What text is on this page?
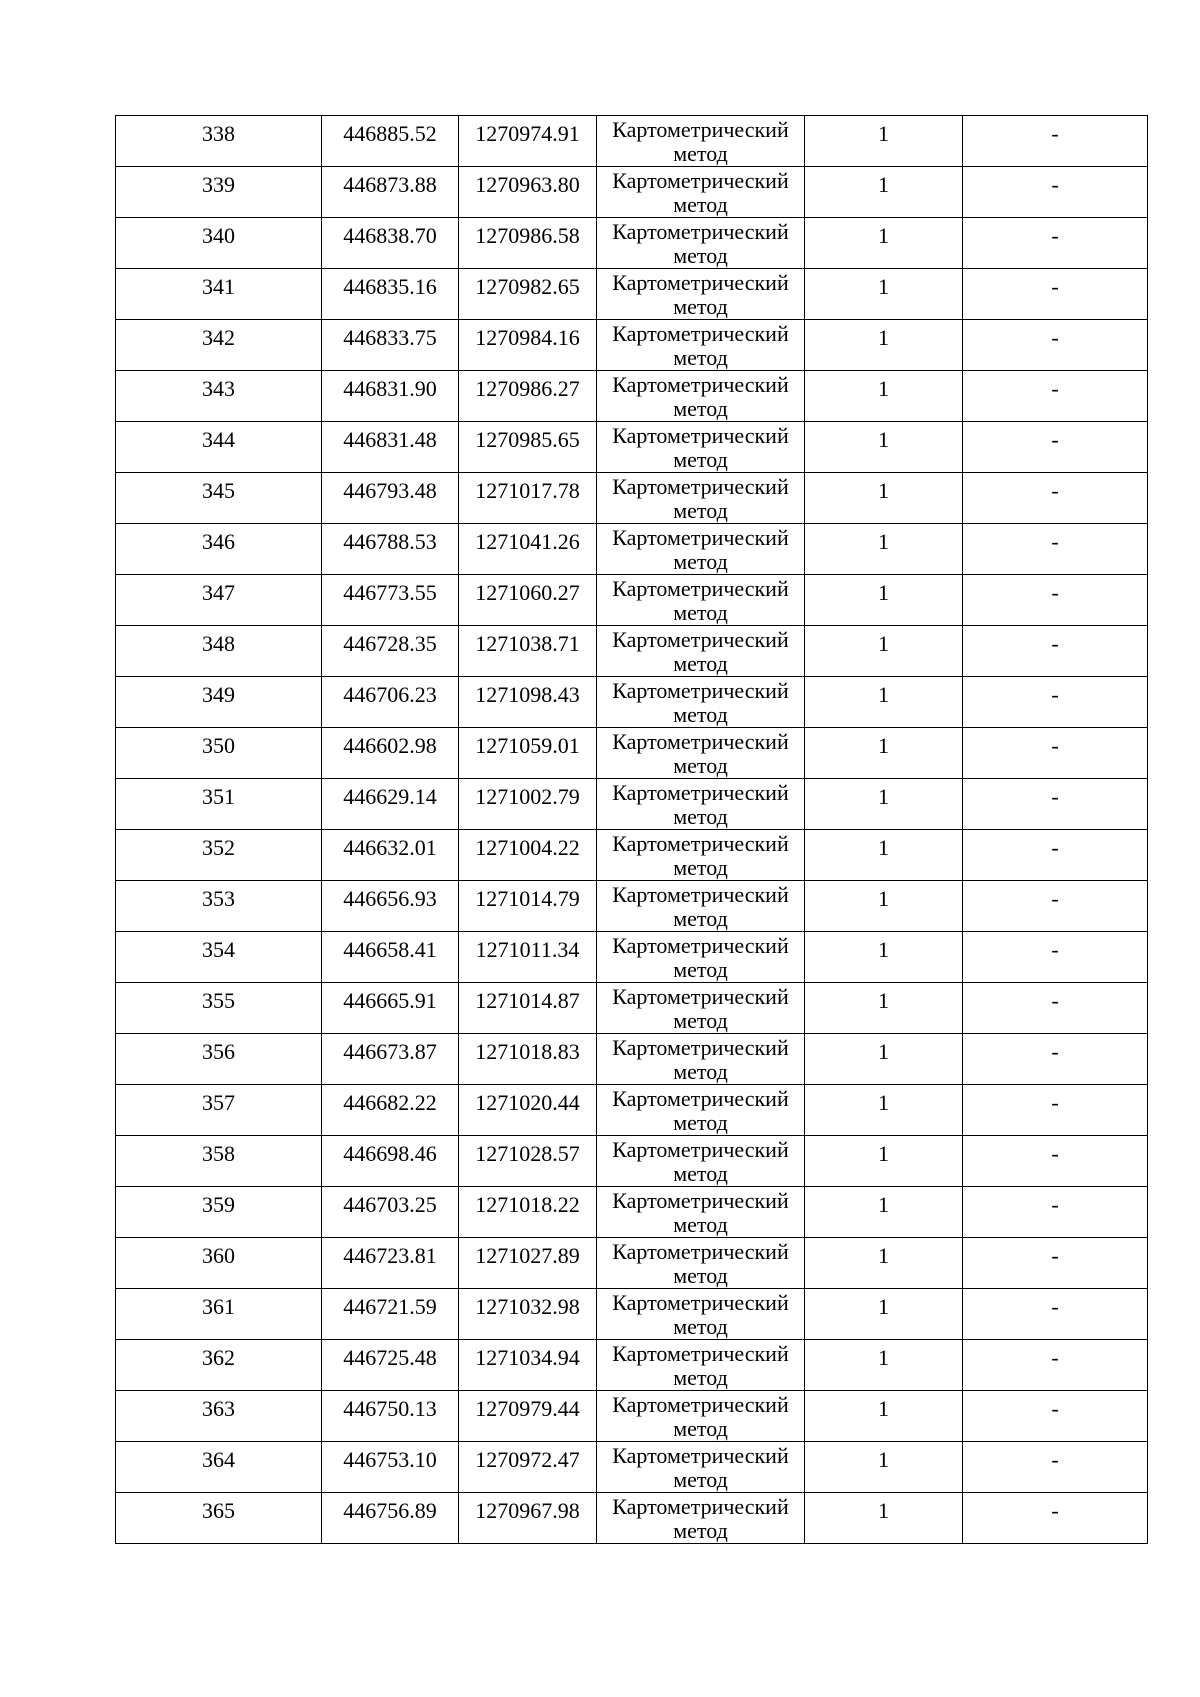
338	446885.52	1270974.91	Картометрический метод	1	-

339	446873.88	1270963.80	Картометрический метод	1	-

340	446838.70	1270986.58	Картометрический метод	1	-

341	446835.16	1270982.65	Картометрический метод	1	-

342	446833.75	1270984.16	Картометрический метод	1	-

343	446831.90	1270986.27	Картометрический метод	1	-

344	446831.48	1270985.65	Картометрический метод	1	-

345	446793.48	1271017.78	Картометрический метод	1	-

346	446788.53	1271041.26	Картометрический метод	1	-

347	446773.55	1271060.27	Картометрический метод	1	-

348	446728.35	1271038.71	Картометрический метод	1	-

349	446706.23	1271098.43	Картометрический метод	1	-

350	446602.98	1271059.01	Картометрический метод	1	-

351	446629.14	1271002.79	Картометрический метод	1	-

352	446632.01	1271004.22	Картометрический метод	1	-

353	446656.93	1271014.79	Картометрический метод	1	-

354	446658.41	1271011.34	Картометрический метод	1	-

355	446665.91	1271014.87	Картометрический метод	1	-

356	446673.87	1271018.83	Картометрический метод	1	-

357	446682.22	1271020.44	Картометрический метод	1	-

358	446698.46	1271028.57	Картометрический метод	1	-

359	446703.25	1271018.22	Картометрический метод	1	-

360	446723.81	1271027.89	Картометрический метод	1	-

361	446721.59	1271032.98	Картометрический метод	1	-

362	446725.48	1271034.94	Картометрический метод	1	-

363	446750.13	1270979.44	Картометрический метод	1	-

364	446753.10	1270972.47	Картометрический метод	1	-

365	446756.89	1270967.98	Картометрический метод	1	-
